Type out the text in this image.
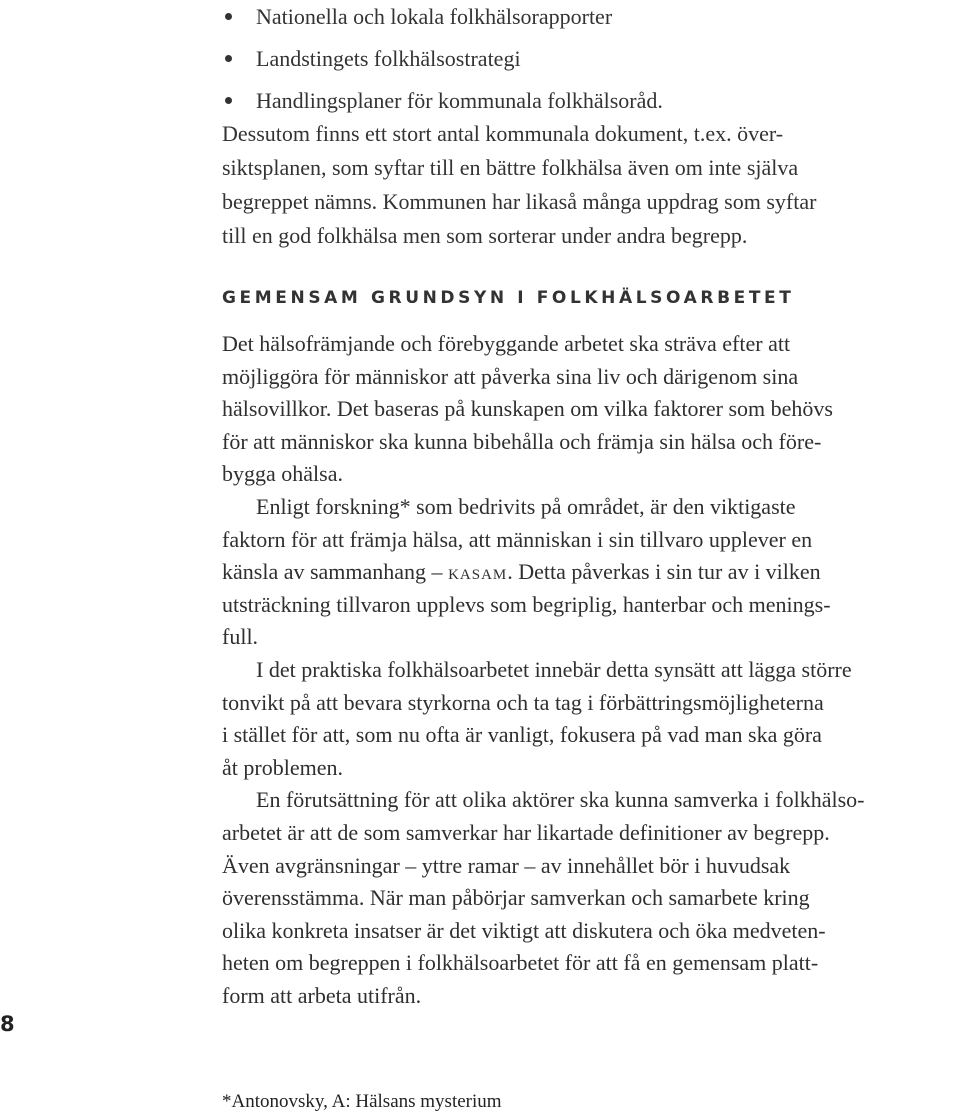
Nationella och lokala folkhälsorapporter
Landstingets folkhälsostrategi
Handlingsplaner för kommunala folkhälsoråd.
Dessutom finns ett stort antal kommunala dokument, t.ex. över-
siktsplanen, som syftar till en bättre folkhälsa även om inte själva
begreppet nämns. Kommunen har likaså många uppdrag som syftar
till en god folkhälsa men som sorterar under andra begrepp.
GEMENSAM GRUNDSYN I FOLKHÄLSOARBETET
Det hälsofrämjande och förebyggande arbetet ska sträva efter att
möjliggöra för människor att påverka sina liv och därigenom sina
hälsovillkor. Det baseras på kunskapen om vilka faktorer som behövs
för att människor ska kunna bibehålla och främja sin hälsa och före-
bygga ohälsa.
Enligt forskning* som bedrivits på området, är den viktigaste
faktorn för att främja hälsa, att människan i sin tillvaro upplever en
känsla av sammanhang – kasam. Detta påverkas i sin tur av i vilken
utsträckning tillvaron upplevs som begriplig, hanterbar och menings-
full.
I det praktiska folkhälsoarbetet innebär detta synsätt att lägga större
tonvikt på att bevara styrkorna och ta tag i förbättringsmöjligheterna
i stället för att, som nu ofta är vanligt, fokusera på vad man ska göra
åt problemen.
En förutsättning för att olika aktörer ska kunna samverka i folkhälso-
arbetet är att de som samverkar har likartade definitioner av begrepp.
Även avgränsningar – yttre ramar – av innehållet bör i huvudsak
överensstämma. När man påbörjar samverkan och samarbete kring
olika konkreta insatser är det viktigt att diskutera och öka medveten-
heten om begreppen i folkhälsoarbetet för att få en gemensam platt-
form att arbeta utifrån.
8
*Antonovsky, A: Hälsans mysterium
